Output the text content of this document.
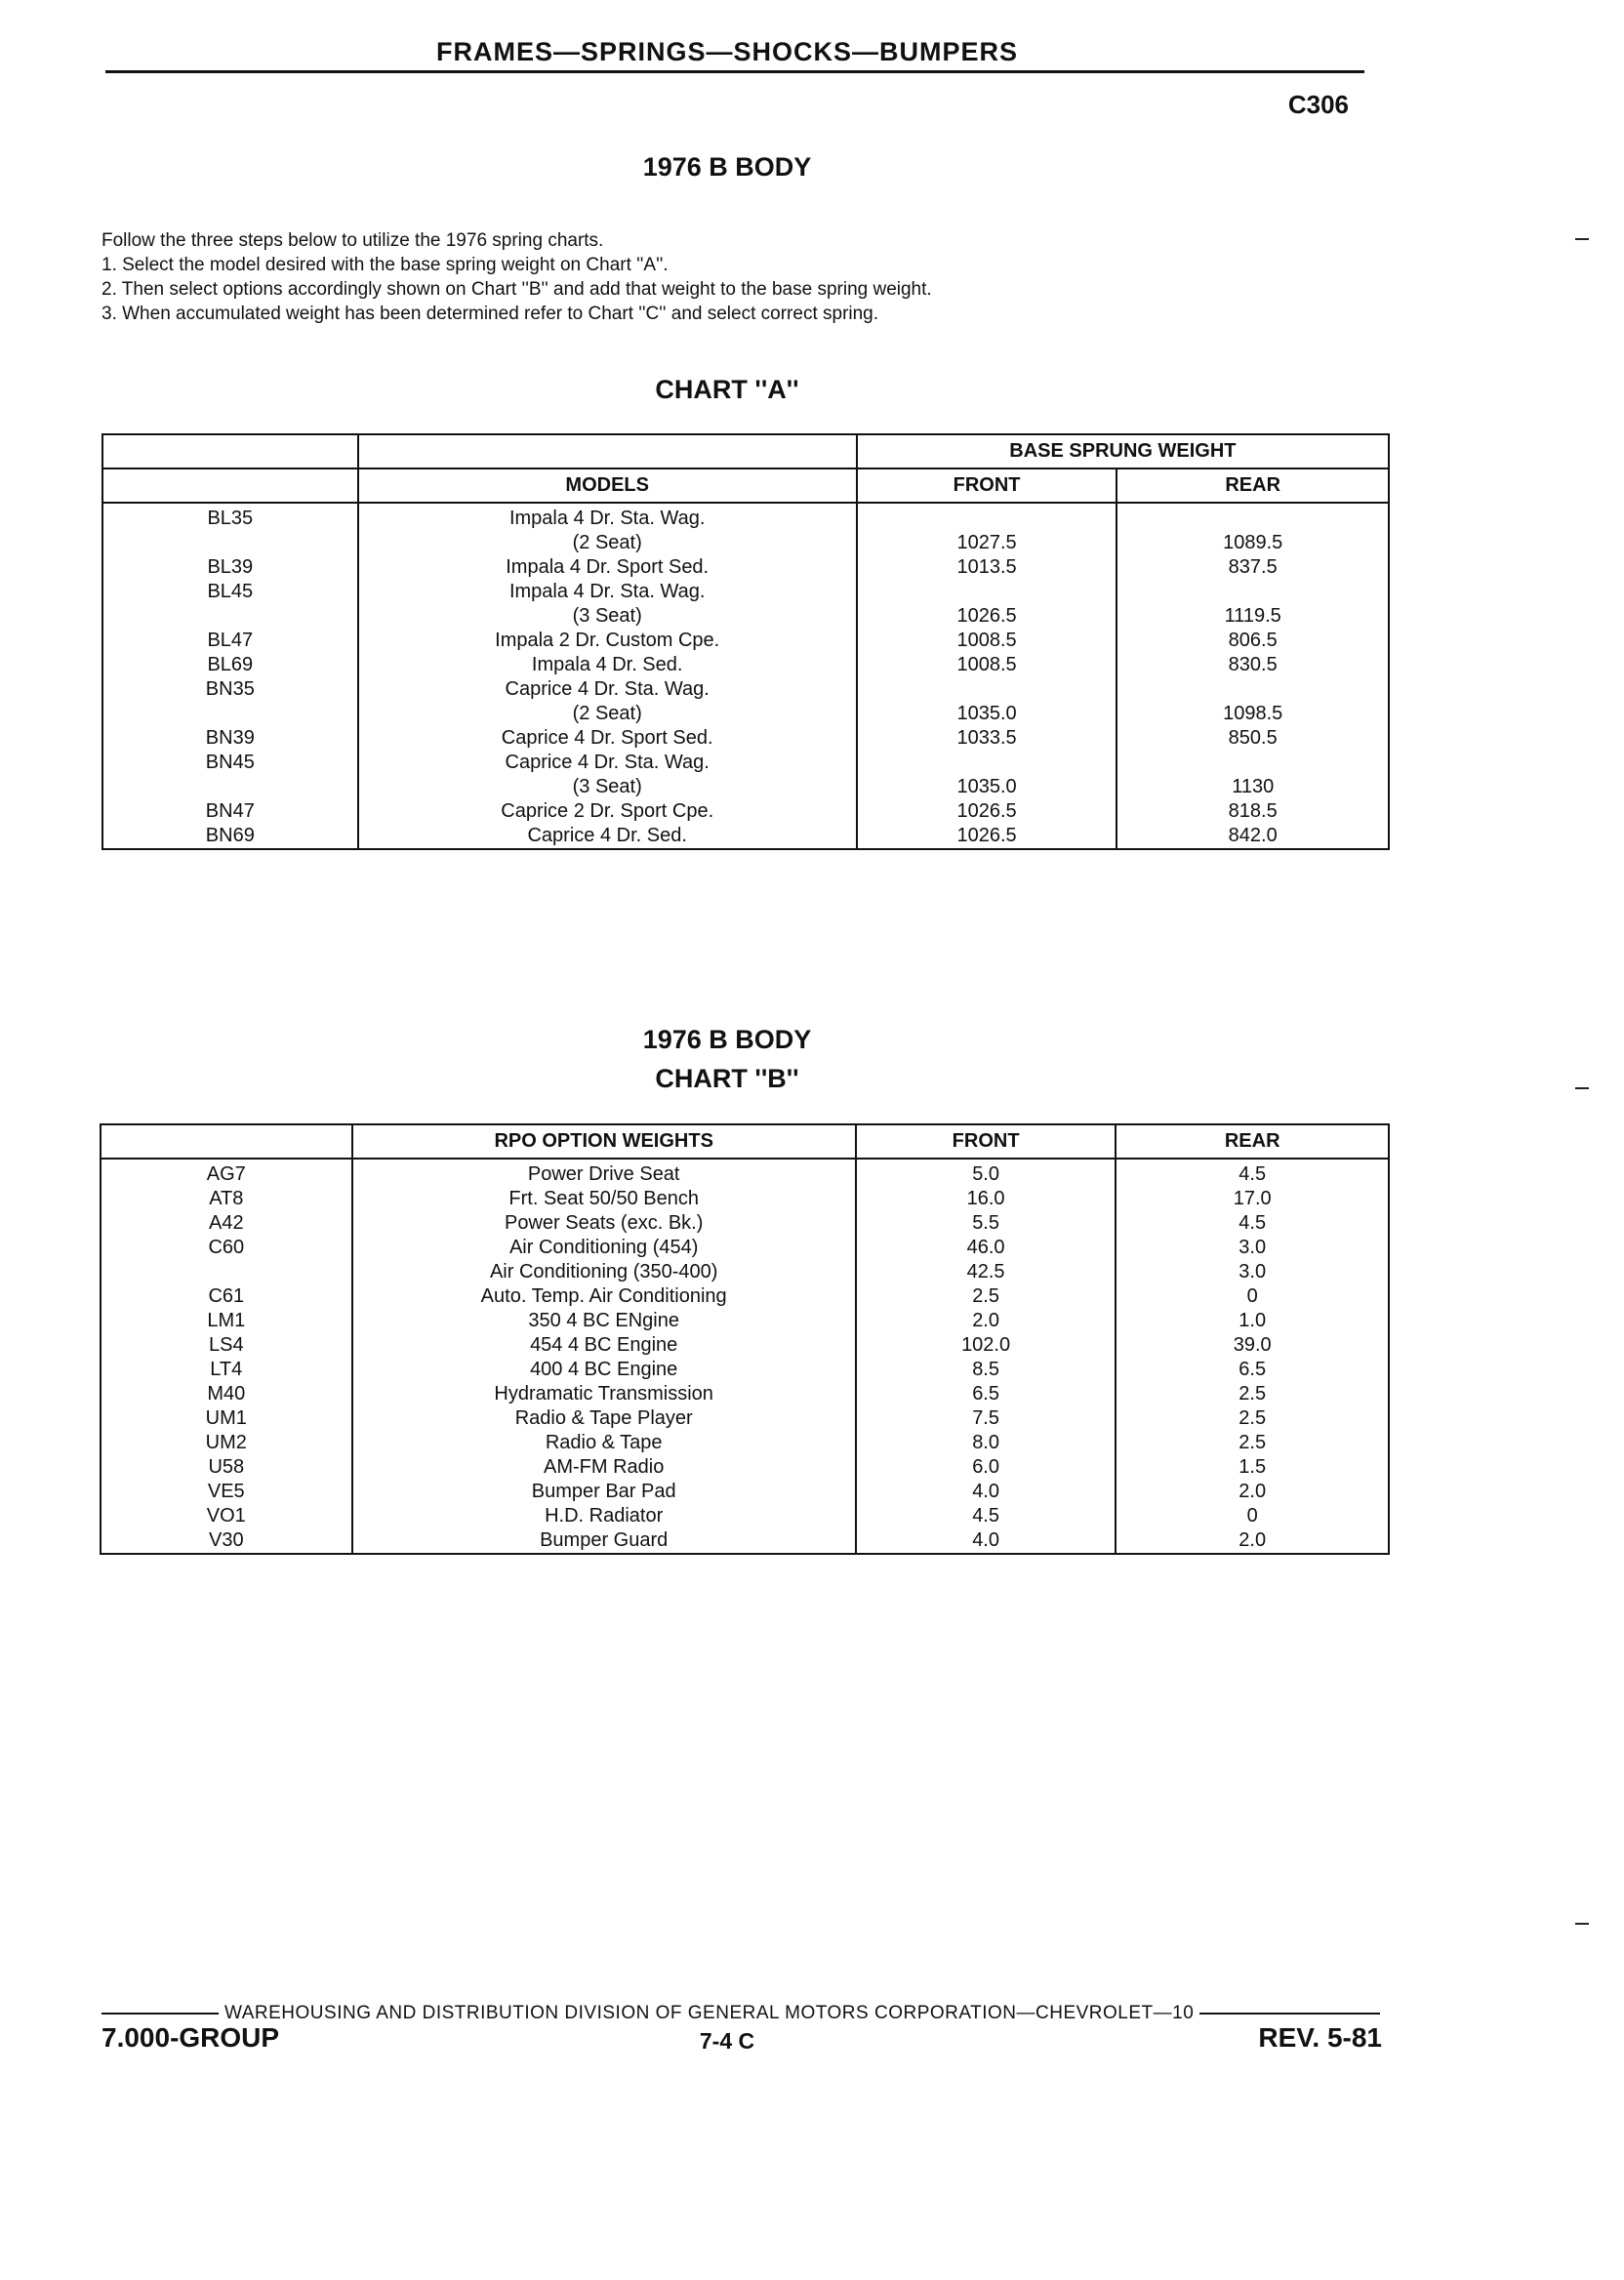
FRAMES—SPRINGS—SHOCKS—BUMPERS
C306
1976 B BODY

Follow the three steps below to utilize the 1976 spring charts.

1. Select the model desired with the base spring weight on Chart ''A''.

2. Then select options accordingly shown on Chart ''B'' and add that weight to the base spring weight.

3. When accumulated weight has been determined refer to Chart ''C'' and select correct spring.

CHART ''A''
		BASE SPRUNG WEIGHT	
	MODELS	FRONT	REAR
BL35	Impala 4 Dr. Sta. Wag.		
	(2 Seat)	1027.5	1089.5
BL39	Impala 4 Dr. Sport Sed.	1013.5	837.5
BL45	Impala 4 Dr. Sta. Wag.		
	(3 Seat)	1026.5	1119.5
BL47	Impala 2 Dr. Custom Cpe.	1008.5	806.5
BL69	Impala 4 Dr. Sed.	1008.5	830.5
BN35	Caprice 4 Dr. Sta. Wag.		
	(2 Seat)	1035.0	1098.5
BN39	Caprice 4 Dr. Sport Sed.	1033.5	850.5
BN45	Caprice 4 Dr. Sta. Wag.		
	(3 Seat)	1035.0	1130
BN47	Caprice 2 Dr. Sport Cpe.	1026.5	818.5
BN69	Caprice 4 Dr. Sed.	1026.5	842.0
1976 B BODY
CHART ''B''
	RPO OPTION WEIGHTS	FRONT	REAR
AG7	Power Drive Seat	5.0	4.5
AT8	Frt. Seat 50/50 Bench	16.0	17.0
A42	Power Seats (exc. Bk.)	5.5	4.5
C60	Air Conditioning (454)	46.0	3.0
	Air Conditioning (350-400)	42.5	3.0
C61	Auto. Temp. Air Conditioning	2.5	0
LM1	350 4 BC ENgine	2.0	1.0
LS4	454 4 BC Engine	102.0	39.0
LT4	400 4 BC Engine	8.5	6.5
M40	Hydramatic Transmission	6.5	2.5
UM1	Radio & Tape Player	7.5	2.5
UM2	Radio & Tape	8.0	2.5
U58	AM-FM Radio	6.0	1.5
VE5	Bumper Bar Pad	4.0	2.0
VO1	H.D. Radiator	4.5	0
V30	Bumper Guard	4.0	2.0
WAREHOUSING AND DISTRIBUTION DIVISION OF GENERAL MOTORS CORPORATION—CHEVROLET—10
7.000-GROUP	7-4 C	REV. 5-81
